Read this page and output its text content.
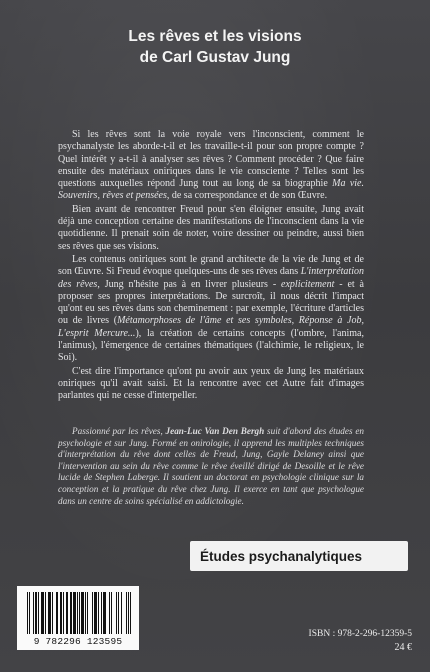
Les rêves et les visions
de Carl Gustav Jung

Si les rêves sont la voie royale vers l'inconscient, comment le psychanalyste les aborde-t-il et les travaille-t-il pour son propre compte ? Quel intérêt y a-t-il à analyser ses rêves ? Comment procéder ? Que faire ensuite des matériaux oniriques dans le vie consciente ? Telles sont les questions auxquelles répond Jung tout au long de sa biographie Ma vie. Souvenirs, rêves et pensées, de sa correspondance et de son Œuvre.

Bien avant de rencontrer Freud pour s'en éloigner ensuite, Jung avait déjà une conception certaine des manifestations de l'inconscient dans la vie quotidienne. Il prenait soin de noter, voire dessiner ou peindre, aussi bien ses rêves que ses visions.

Les contenus oniriques sont le grand architecte de la vie de Jung et de son Œuvre. Si Freud évoque quelques-uns de ses rêves dans L'interprétation des rêves, Jung n'hésite pas à en livrer plusieurs - explicitement - et à proposer ses propres interprétations. De surcroît, il nous décrit l'impact qu'ont eu ses rêves dans son cheminement : par exemple, l'écriture d'articles ou de livres (Métamorphoses de l'âme et ses symboles, Réponse à Job, L'esprit Mercure...), la création de certains concepts (l'ombre, l'anima, l'animus), l'émergence de certaines thématiques (l'alchimie, le religieux, le Soi).

C'est dire l'importance qu'ont pu avoir aux yeux de Jung les matériaux oniriques qu'il avait saisi. Et la rencontre avec cet Autre fait d'images parlantes qui ne cesse d'interpeller.

Passionné par les rêves, Jean-Luc Van Den Bergh suit d'abord des études en psychologie et sur Jung. Formé en onirologie, il apprend les multiples techniques d'interprétation du rêve dont celles de Freud, Jung, Gayle Delaney ainsi que l'intervention au sein du rêve comme le rêve éveillé dirigé de Desoille et le rêve lucide de Stephen Laberge. Il soutient un doctorat en psychologie clinique sur la conception et la pratique du rêve chez Jung. Il exerce en tant que psychologue dans un centre de soins spécialisé en addictologie.

Études psychanalytiques
9 782296 123595
ISBN : 978-2-296-12359-5
24 €
